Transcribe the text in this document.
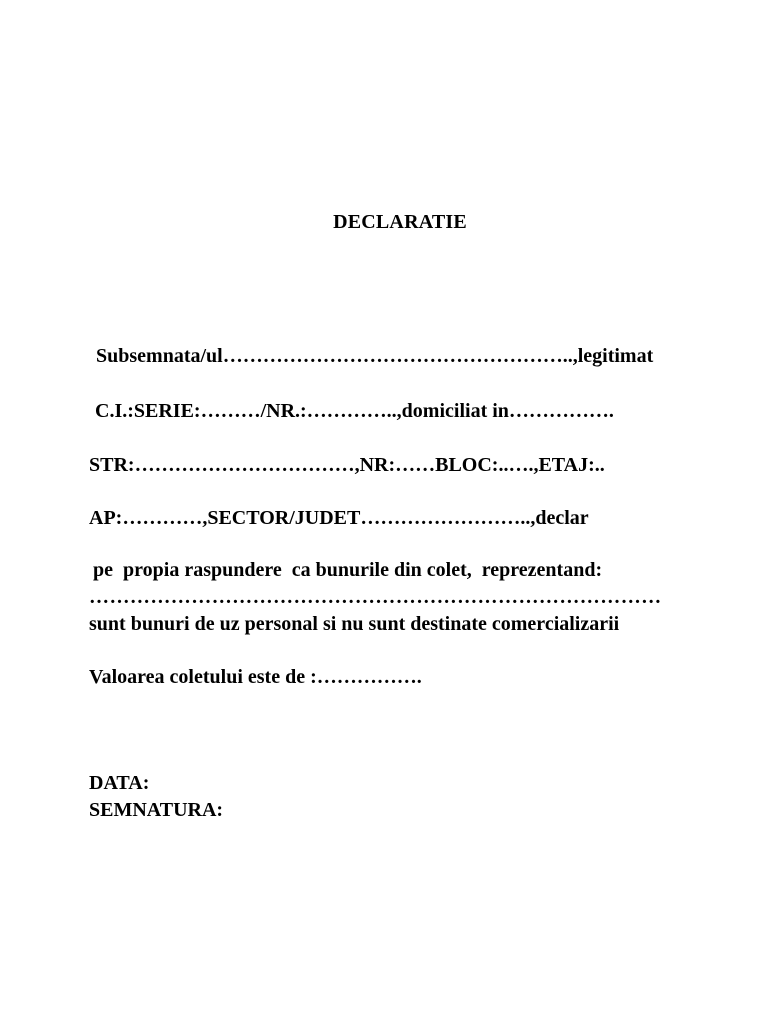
DECLARATIE
Subsemnata/ul……………………………………………..,legitimat
C.I.:SERIE:………/NR.:…………..,domiciliat in…………….
STR:……………………………,NR:……BLOC:..….,ETAJ:..
AP:…………,SECTOR/JUDET……………………..,declar
pe  propia raspundere  ca bunurile din colet,  reprezentand:
…………………………………………………………………………
sunt bunuri de uz personal si nu sunt destinate comercializarii
Valoarea coletului este de :…………….
DATA:
SEMNATURA:
